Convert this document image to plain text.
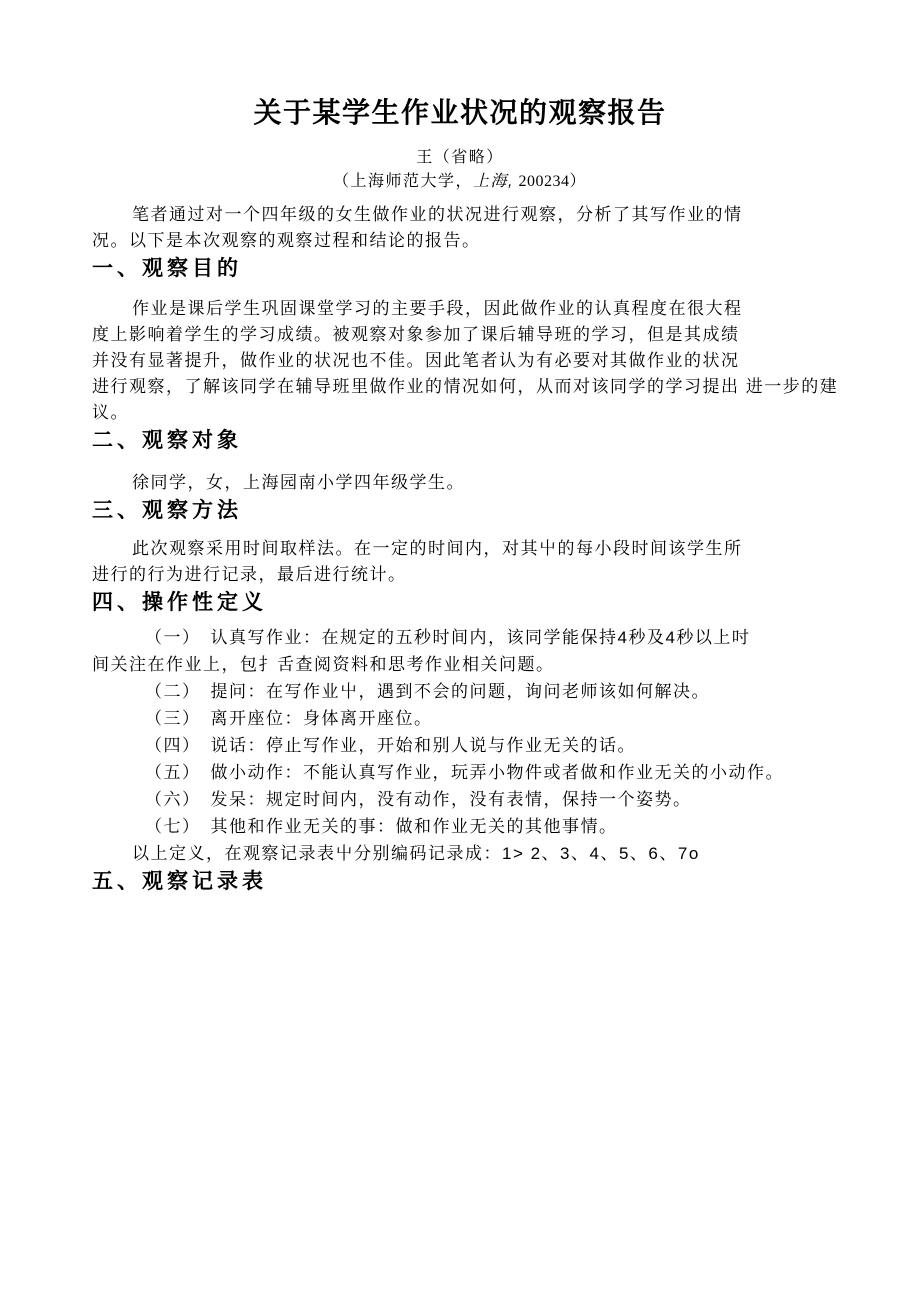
关于某学生作业状况的观察报告
王（省略）
（上海师范大学，上海, 200234）
笔者通过对一个四年级的女生做作业的状况进行观察，分析了其写作业的情
况。以下是本次观察的观察过程和结论的报告。
一、观察目的
作业是课后学生巩固课堂学习的主要手段，因此做作业的认真程度在很大程
度上影响着学生的学习成绩。被观察对象参加了课后辅导班的学习，但是其成绩
并没有显著提升，做作业的状况也不佳。因此笔者认为有必要对其做作业的状况
进行观察，了解该同学在辅导班里做作业的情况如何，从而对该同学的学习提出 进一步的建议。
二、观察对象
徐同学，女，上海园南小学四年级学生。
三、观察方法
此次观察采用时间取样法。在一定的时间内，对其屮的每小段时间该学生所
进行的行为进行记录，最后进行统计。
四、操作性定义
（一）　认真写作业：在规定的五秒时间内，该同学能保持4秒及4秒以上吋
间关注在作业上，包扌舌查阅资料和思考作业相关问题。
（二）　提问：在写作业屮，遇到不会的问题，询问老师该如何解决。
（三）　离开座位：身体离开座位。
（四）　说话：停止写作业，开始和别人说与作业无关的话。
（五）　做小动作：不能认真写作业，玩弄小物件或者做和作业无关的小动作。
（六）　发呆：规定时间内，没有动作，没有表情，保持一个姿势。
（七）　其他和作业无关的事：做和作业无关的其他事情。
以上定义，在观察记录表屮分别编码记录成：1> 2、3、4、5、6、7o
五、观察记录表
